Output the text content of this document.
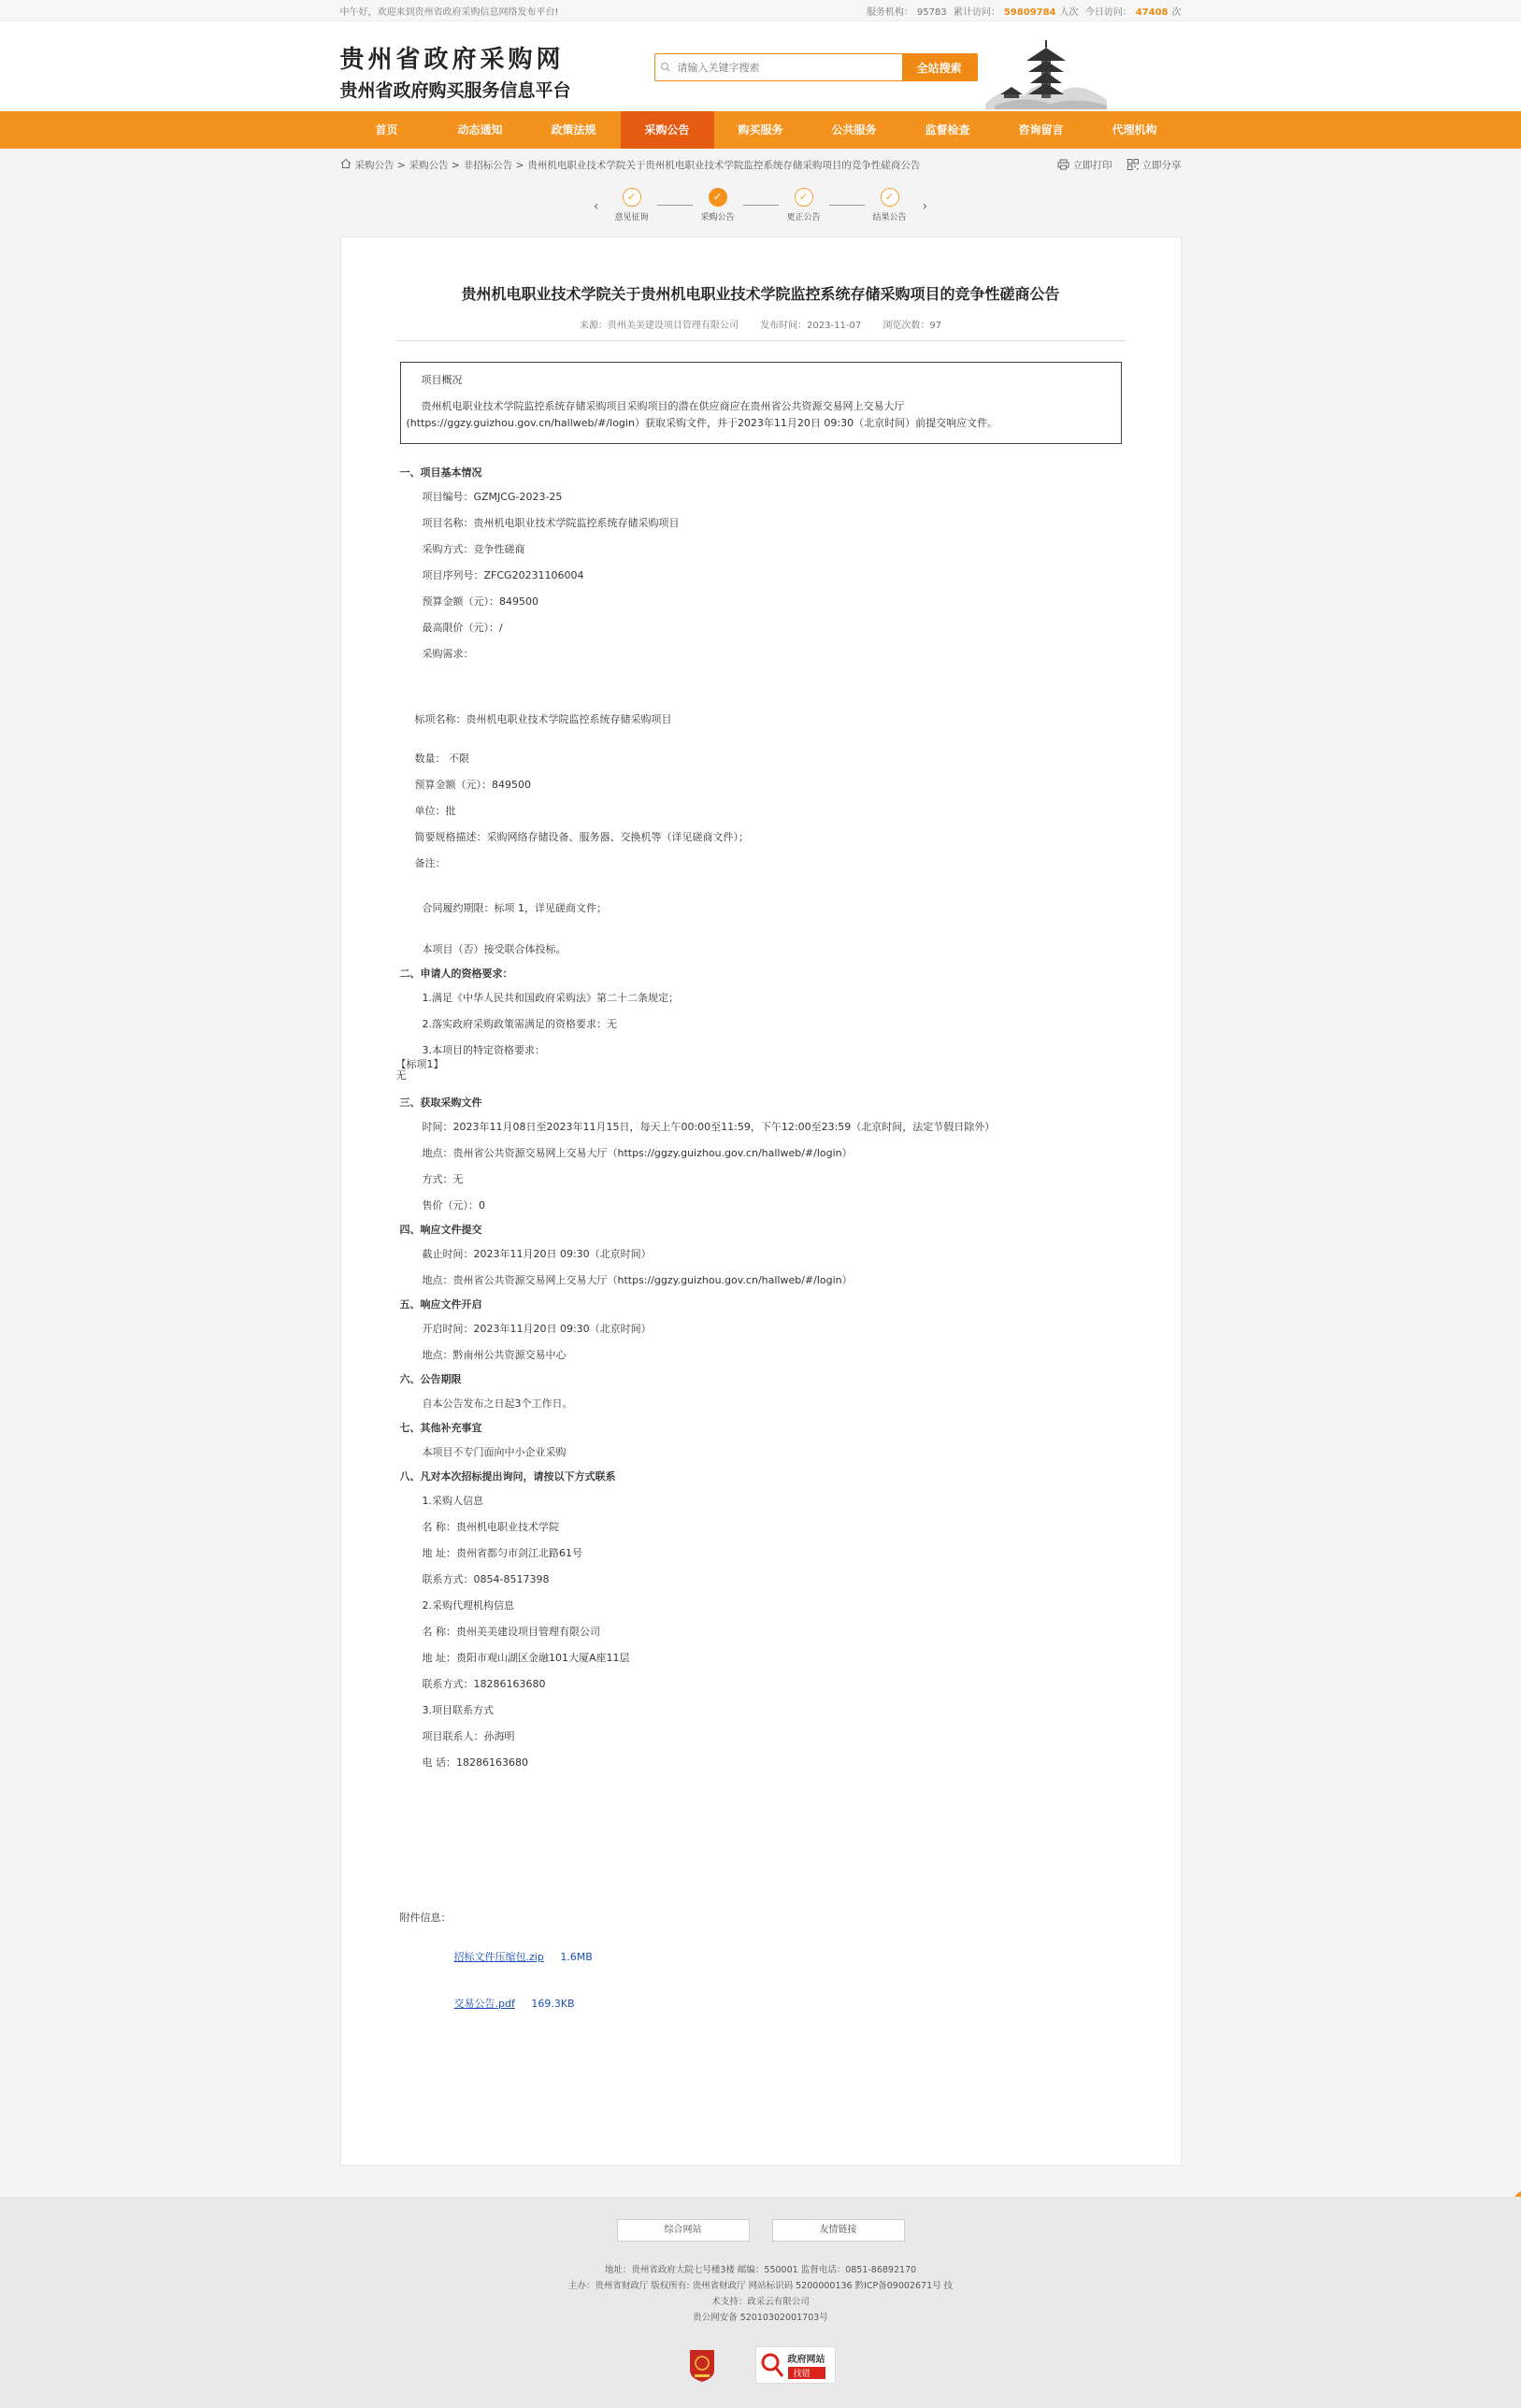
中午好，欢迎来到贵州省政府采购信息网络发布平台!	服务机构： 95783 累计访问： 59809784 人次 今日访问： 47408 次
贵州省政府采购网
贵州省政府购买服务信息平台
请输入关键字搜索
全站搜索
首页	动态通知	政策法规	采购公告	购买服务	公共服务	监督检查	咨询留言	代理机构
采购公告 > 采购公告 > 非招标公告 > 贵州机电职业技术学院关于贵州机电职业技术学院监控系统存储采购项目的竞争性磋商公告	立即打印	立即分享
‹
✓
意见征询
✓
采购公告
✓
更正公告
✓
结果公告
›
贵州机电职业技术学院关于贵州机电职业技术学院监控系统存储采购项目的竞争性磋商公告
来源：贵州美美建设项目管理有限公司 发布时间：2023-11-07 浏览次数：97
项目概况
贵州机电职业技术学院监控系统存储采购项目采购项目的潜在供应商应在贵州省公共资源交易网上交易大厅(https://ggzy.guizhou.gov.cn/hallweb/#/login）获取采购文件，并于2023年11月20日 09:30（北京时间）前提交响应文件。
一、项目基本情况
项目编号：GZMJCG-2023-25
项目名称：贵州机电职业技术学院监控系统存储采购项目
采购方式：竞争性磋商
项目序列号：ZFCG20231106004
预算金额（元）：849500
最高限价（元）：/
采购需求：
标项名称：贵州机电职业技术学院监控系统存储采购项目
数量： 不限
预算金额（元）：849500
单位：批
简要规格描述：采购网络存储设备、服务器、交换机等（详见磋商文件）；
备注：
合同履约期限：标项 1，详见磋商文件；
本项目（否）接受联合体投标。
二、申请人的资格要求：
1.满足《中华人民共和国政府采购法》第二十二条规定；
2.落实政府采购政策需满足的资格要求：无
3.本项目的特定资格要求：
【标项1】
无
三、获取采购文件
时间：2023年11月08日至2023年11月15日，每天上午00:00至11:59，下午12:00至23:59（北京时间，法定节假日除外）
地点：贵州省公共资源交易网上交易大厅（https://ggzy.guizhou.gov.cn/hallweb/#/login）
方式：无
售价（元）：0
四、响应文件提交
截止时间：2023年11月20日 09:30（北京时间）
地点：贵州省公共资源交易网上交易大厅（https://ggzy.guizhou.gov.cn/hallweb/#/login）
五、响应文件开启
开启时间：2023年11月20日 09:30（北京时间）
地点：黔南州公共资源交易中心
六、公告期限
自本公告发布之日起3个工作日。
七、其他补充事宜
本项目不专门面向中小企业采购
八、凡对本次招标提出询问，请按以下方式联系
1.采购人信息
名 称：贵州机电职业技术学院
地 址：贵州省都匀市剑江北路61号
联系方式：0854-8517398
2.采购代理机构信息
名 称：贵州美美建设项目管理有限公司
地 址：贵阳市观山湖区金融101大厦A座11层
联系方式：18286163680
3.项目联系方式
项目联系人：孙海明
电 话：18286163680
附件信息：
招标文件压缩包.zip 1.6MB
交易公告.pdf 169.3KB
综合网站	友情链接
地址：贵州省政府大院七号楼3楼 邮编：550001 监督电话：0851-86892170
主办：贵州省财政厅 版权所有: 贵州省财政厅 网站标识码 5200000136 黔ICP备09002671号 技
术支持：政采云有限公司
贵公网安备 52010302001703号
政府网站
找错
